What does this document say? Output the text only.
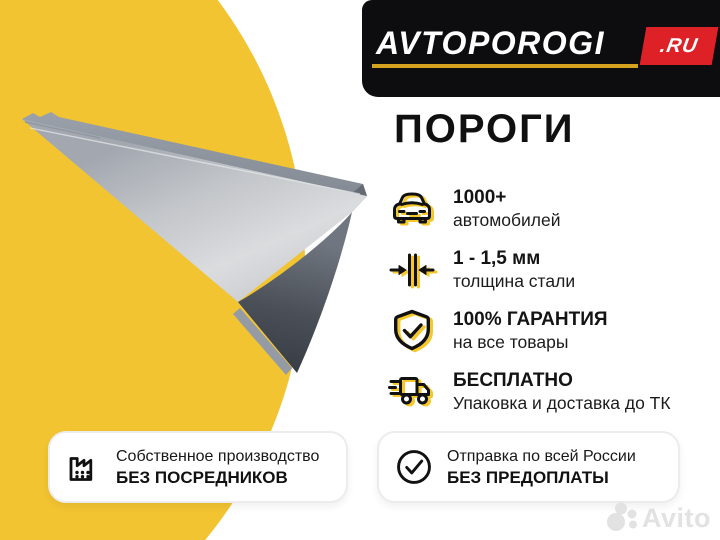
AVTOPOROGI	.RU
ПОРОГИ
1000+
автомобилей
1 - 1,5 мм
толщина стали
100% ГАРАНТИЯ
на все товары
БЕСПЛАТНО
Упаковка и доставка до ТК
Собственное производство
БЕЗ ПОСРЕДНИКОВ
Отправка по всей России
БЕЗ ПРЕДОПЛАТЫ
Avito
